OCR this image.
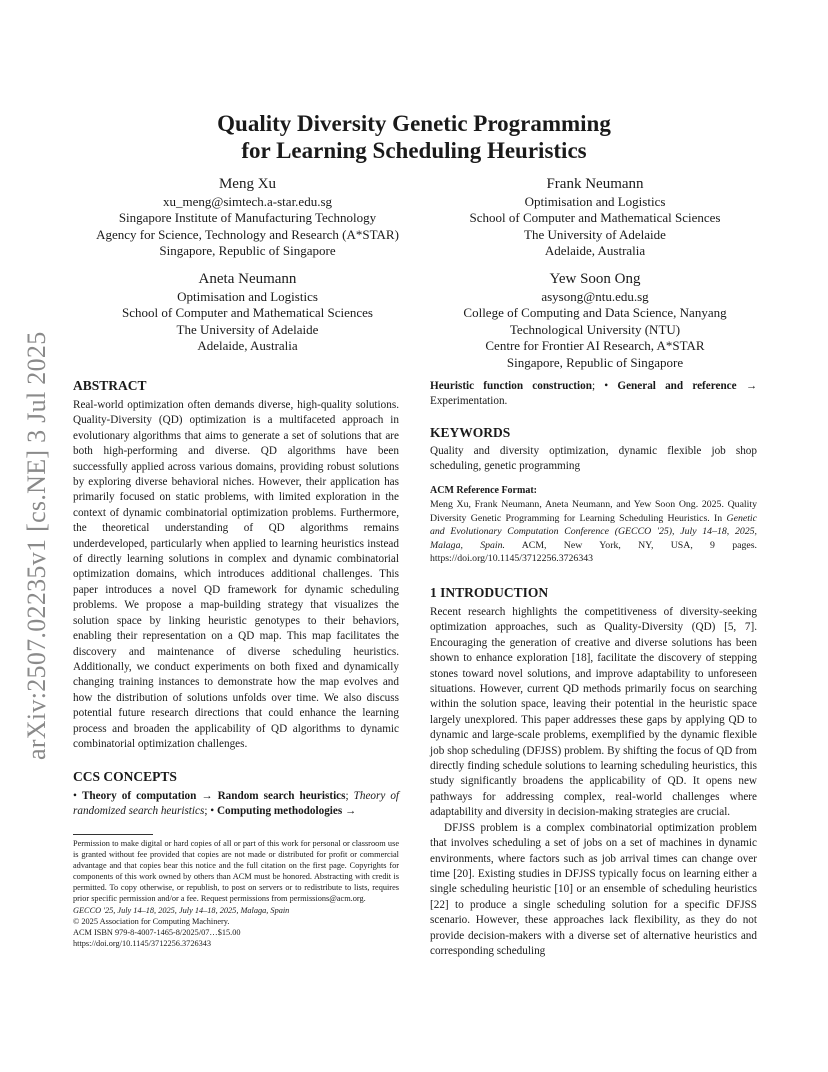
arXiv:2507.02235v1 [cs.NE] 3 Jul 2025
Quality Diversity Genetic Programming
for Learning Scheduling Heuristics
Meng Xu
xu_meng@simtech.a-star.edu.sg
Singapore Institute of Manufacturing Technology
Agency for Science, Technology and Research (A*STAR)
Singapore, Republic of Singapore
Frank Neumann
Optimisation and Logistics
School of Computer and Mathematical Sciences
The University of Adelaide
Adelaide, Australia
Aneta Neumann
Optimisation and Logistics
School of Computer and Mathematical Sciences
The University of Adelaide
Adelaide, Australia
Yew Soon Ong
asysong@ntu.edu.sg
College of Computing and Data Science, Nanyang
Technological University (NTU)
Centre for Frontier AI Research, A*STAR
Singapore, Republic of Singapore
ABSTRACT
Real-world optimization often demands diverse, high-quality solutions. Quality-Diversity (QD) optimization is a multifaceted approach in evolutionary algorithms that aims to generate a set of solutions that are both high-performing and diverse. QD algorithms have been successfully applied across various domains, providing robust solutions by exploring diverse behavioral niches. However, their application has primarily focused on static problems, with limited exploration in the context of dynamic combinatorial optimization problems. Furthermore, the theoretical understanding of QD algorithms remains underdeveloped, particularly when applied to learning heuristics instead of directly learning solutions in complex and dynamic combinatorial optimization domains, which introduces additional challenges. This paper introduces a novel QD framework for dynamic scheduling problems. We propose a map-building strategy that visualizes the solution space by linking heuristic genotypes to their behaviors, enabling their representation on a QD map. This map facilitates the discovery and maintenance of diverse scheduling heuristics. Additionally, we conduct experiments on both fixed and dynamically changing training instances to demonstrate how the map evolves and how the distribution of solutions unfolds over time. We also discuss potential future research directions that could enhance the learning process and broaden the applicability of QD algorithms to dynamic combinatorial optimization challenges.
CCS CONCEPTS
• Theory of computation → Random search heuristics; Theory of randomized search heuristics; • Computing methodologies →
Permission to make digital or hard copies of all or part of this work for personal or classroom use is granted without fee provided that copies are not made or distributed for profit or commercial advantage and that copies bear this notice and the full citation on the first page. Copyrights for components of this work owned by others than ACM must be honored. Abstracting with credit is permitted. To copy otherwise, or republish, to post on servers or to redistribute to lists, requires prior specific permission and/or a fee. Request permissions from permissions@acm.org.
GECCO '25, July 14–18, 2025, July 14–18, 2025, Malaga, Spain
© 2025 Association for Computing Machinery.
ACM ISBN 979-8-4007-1465-8/2025/07…$15.00
https://doi.org/10.1145/3712256.3726343
Heuristic function construction; • General and reference → Experimentation.
KEYWORDS
Quality and diversity optimization, dynamic flexible job shop scheduling, genetic programming
ACM Reference Format:
Meng Xu, Frank Neumann, Aneta Neumann, and Yew Soon Ong. 2025. Quality Diversity Genetic Programming for Learning Scheduling Heuristics. In Genetic and Evolutionary Computation Conference (GECCO '25), July 14–18, 2025, Malaga, Spain. ACM, New York, NY, USA, 9 pages. https://doi.org/10.1145/3712256.3726343
1 INTRODUCTION

Recent research highlights the competitiveness of diversity-seeking optimization approaches, such as Quality-Diversity (QD) [5, 7]. Encouraging the generation of creative and diverse solutions has been shown to enhance exploration [18], facilitate the discovery of stepping stones toward novel solutions, and improve adaptability to unforeseen situations. However, current QD methods primarily focus on searching within the solution space, leaving their potential in the heuristic space largely unexplored. This paper addresses these gaps by applying QD to dynamic and large-scale problems, exemplified by the dynamic flexible job shop scheduling (DFJSS) problem. By shifting the focus of QD from directly finding schedule solutions to learning scheduling heuristics, this study significantly broadens the applicability of QD. It opens new pathways for addressing complex, real-world challenges where adaptability and diversity in decision-making strategies are crucial.

DFJSS problem is a complex combinatorial optimization problem that involves scheduling a set of jobs on a set of machines in dynamic environments, where factors such as job arrival times can change over time [20]. Existing studies in DFJSS typically focus on learning either a single scheduling heuristic [10] or an ensemble of scheduling heuristics [22] to produce a single scheduling solution for a specific DFJSS scenario. However, these approaches lack flexibility, as they do not provide decision-makers with a diverse set of alternative heuristics and corresponding scheduling
